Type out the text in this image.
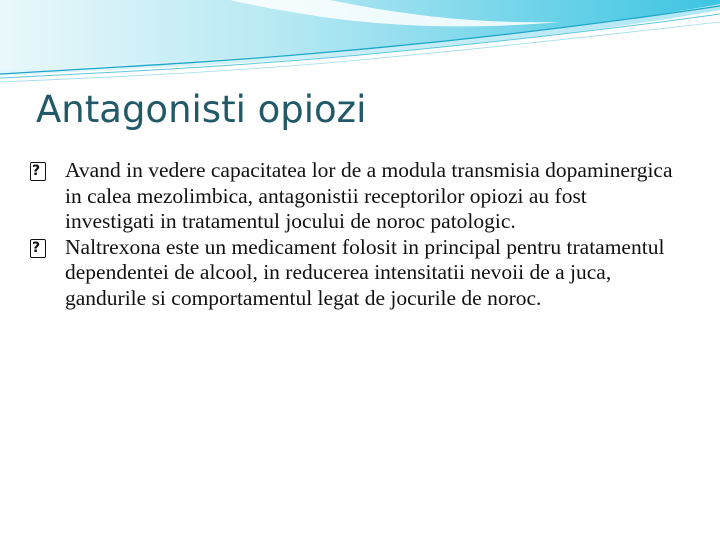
Antagonisti opiozi
? Avand in vedere capacitatea lor de a modula transmisia dopaminergica in calea mezolimbica, antagonistii receptorilor opiozi au fost investigati in tratamentul jocului de noroc patologic.
? Naltrexona este un medicament folosit in principal pentru tratamentul dependentei de alcool, in reducerea intensitatii nevoii de a juca, gandurile si comportamentul legat de jocurile de noroc.
